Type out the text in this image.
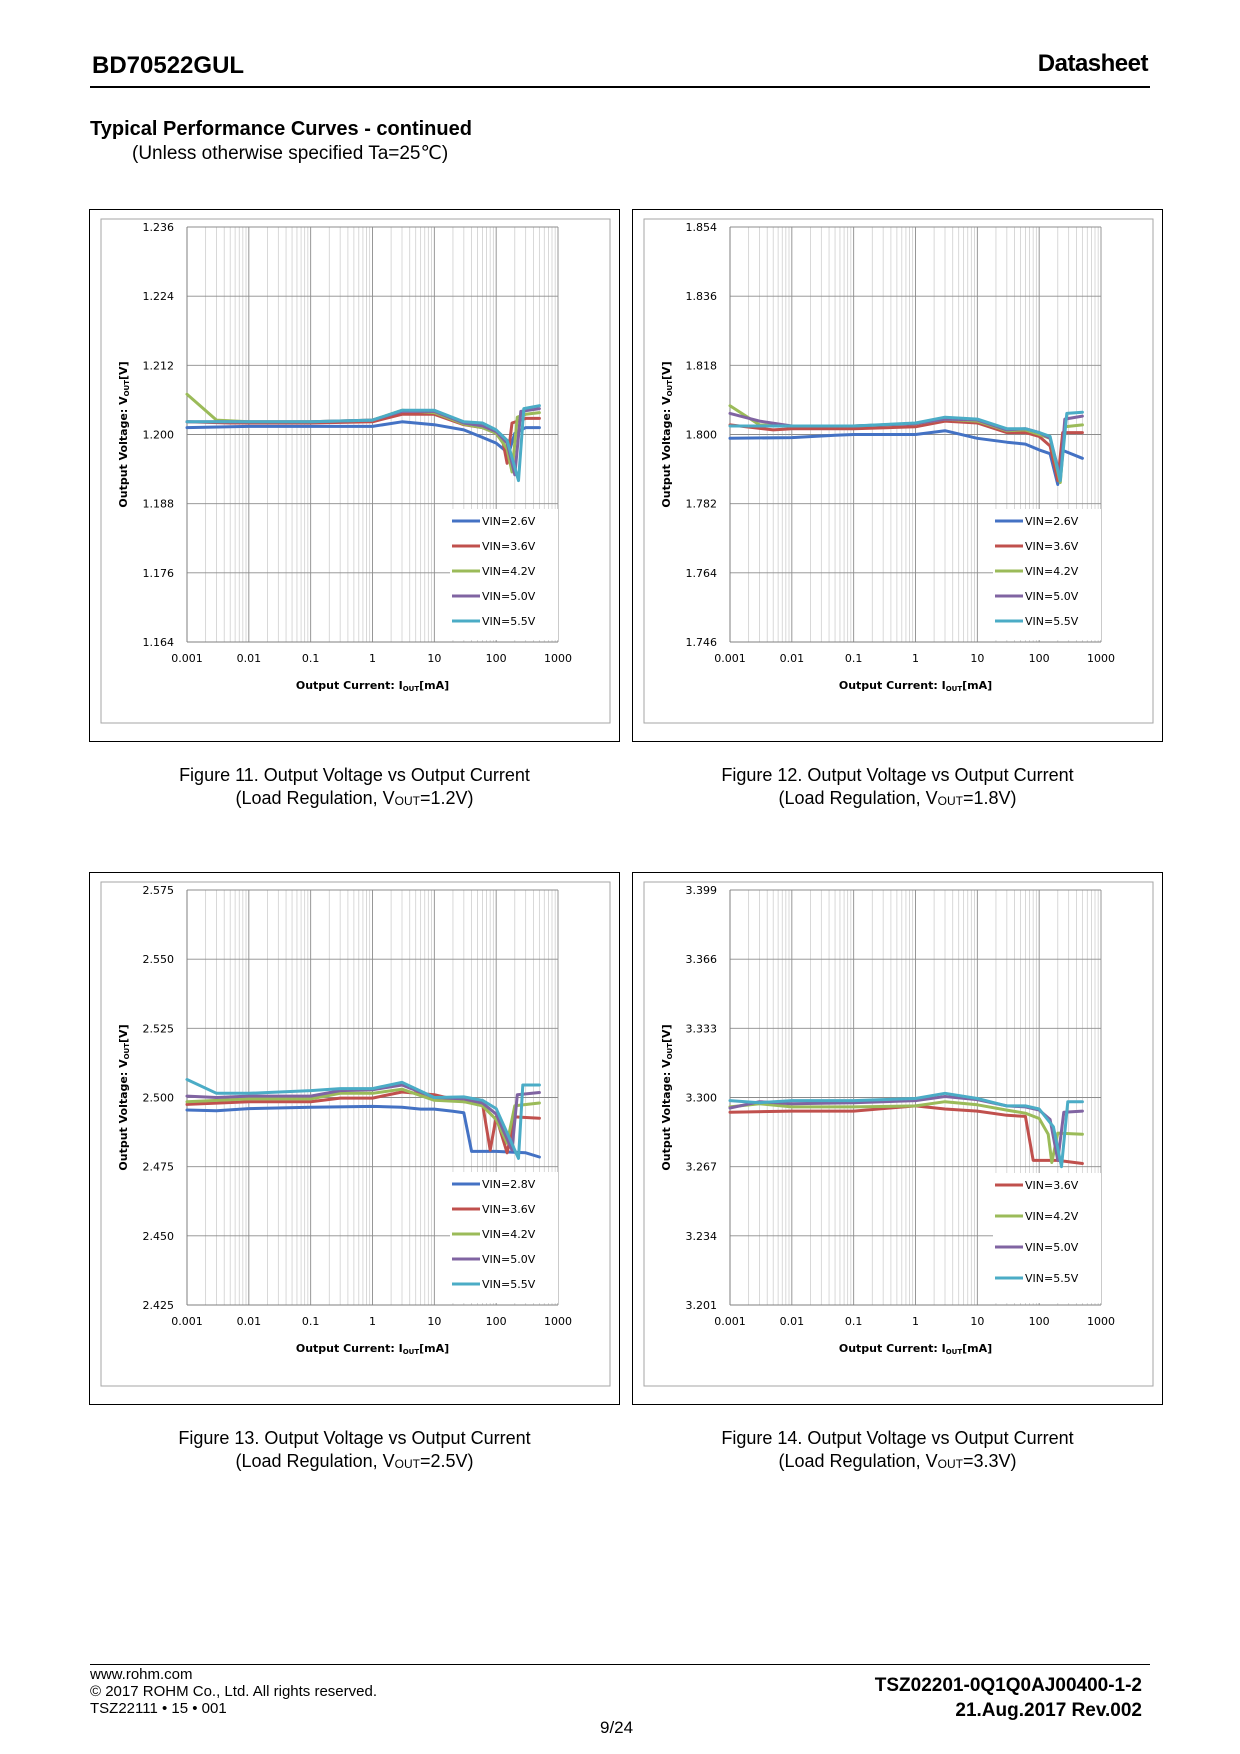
BD70522GUL	Datasheet
Typical Performance Curves - continued
(Unless otherwise specified Ta=25℃)
1.164
1.176
1.188
1.200
1.212
1.224
1.236
0.001	0.01	0.1	1	10	100	1000
Output Current: IOUT[mA]
Output Voltage: VOUT[V]
VIN=2.6V
VIN=3.6V
VIN=4.2V
VIN=5.0V
VIN=5.5V
1.746
1.764
1.782
1.800
1.818
1.836
1.854
0.001	0.01	0.1	1	10	100	1000
Output Current: IOUT[mA]
Output Voltage: VOUT[V]
VIN=2.6V
VIN=3.6V
VIN=4.2V
VIN=5.0V
VIN=5.5V
2.425
2.450
2.475
2.500
2.525
2.550
2.575
0.001	0.01	0.1	1	10	100	1000
Output Current: IOUT[mA]
Output Voltage: VOUT[V]
VIN=2.8V
VIN=3.6V
VIN=4.2V
VIN=5.0V
VIN=5.5V
3.201
3.234
3.267
3.300
3.333
3.366
3.399
0.001	0.01	0.1	1	10	100	1000
Output Current: IOUT[mA]
Output Voltage: VOUT[V]
VIN=3.6V
VIN=4.2V
VIN=5.0V
VIN=5.5V
Figure 11. Output Voltage vs Output Current
(Load Regulation, $V_{OUT}=1.2V$)
Figure 12. Output Voltage vs Output Current
(Load Regulation, $V_{OUT}=1.8V$)
Figure 13. Output Voltage vs Output Current
(Load Regulation, $V_{OUT}=2.5V$)
Figure 14. Output Voltage vs Output Current
(Load Regulation, $V_{OUT}=3.3V$)
www.rohm.com
© 2017 ROHM Co., Ltd. All rights reserved.
TSZ22111 • 15 • 001
9/24
TSZ02201-0Q1Q0AJ00400-1-2
21.Aug.2017 Rev.002
